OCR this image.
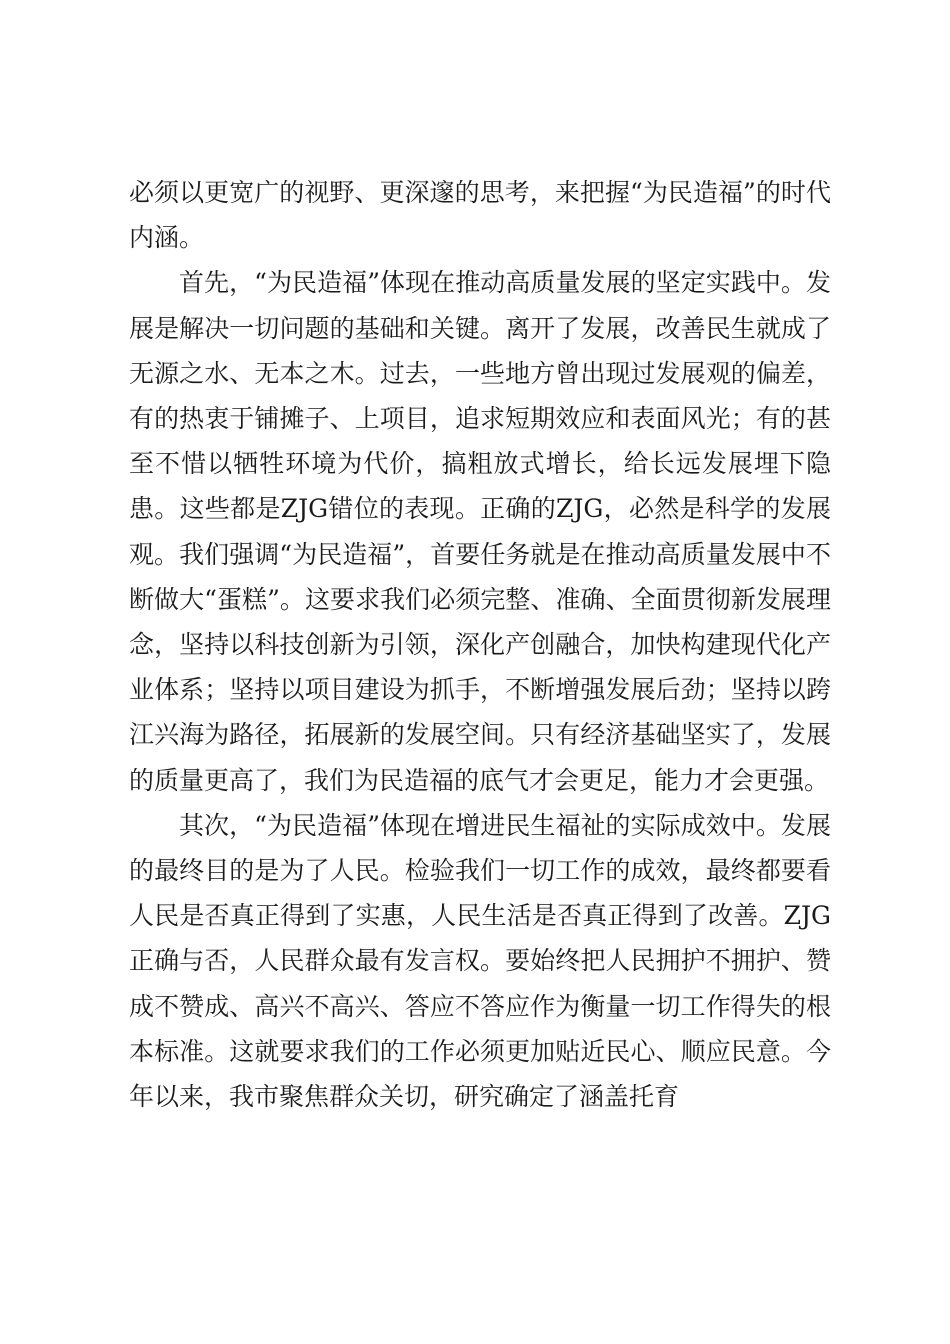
必须以更宽广的视野、更深邃的思考，来把握“为民造福”的时代内涵。

首先，“为民造福”体现在推动高质量发展的坚定实践中。发展是解决一切问题的基础和关键。离开了发展，改善民生就成了无源之水、无本之木。过去，一些地方曾出现过发展观的偏差，有的热衷于铺摊子、上项目，追求短期效应和表面风光；有的甚至不惜以牺牲环境为代价，搞粗放式增长，给长远发展埋下隐患。这些都是ZJG错位的表现。正确的ZJG，必然是科学的发展观。我们强调“为民造福”，首要任务就是在推动高质量发展中不断做大“蛋糕”。这要求我们必须完整、准确、全面贯彻新发展理念，坚持以科技创新为引领，深化产创融合，加快构建现代化产业体系；坚持以项目建设为抓手，不断增强发展后劲；坚持以跨江兴海为路径，拓展新的发展空间。只有经济基础坚实了，发展的质量更高了，我们为民造福的底气才会更足，能力才会更强。

其次，“为民造福”体现在增进民生福祉的实际成效中。发展的最终目的是为了人民。检验我们一切工作的成效，最终都要看人民是否真正得到了实惠，人民生活是否真正得到了改善。ZJG正确与否，人民群众最有发言权。要始终把人民拥护不拥护、赞成不赞成、高兴不高兴、答应不答应作为衡量一切工作得失的根本标准。这就要求我们的工作必须更加贴近民心、顺应民意。今年以来，我市聚焦群众关切，研究确定了涵盖托育
